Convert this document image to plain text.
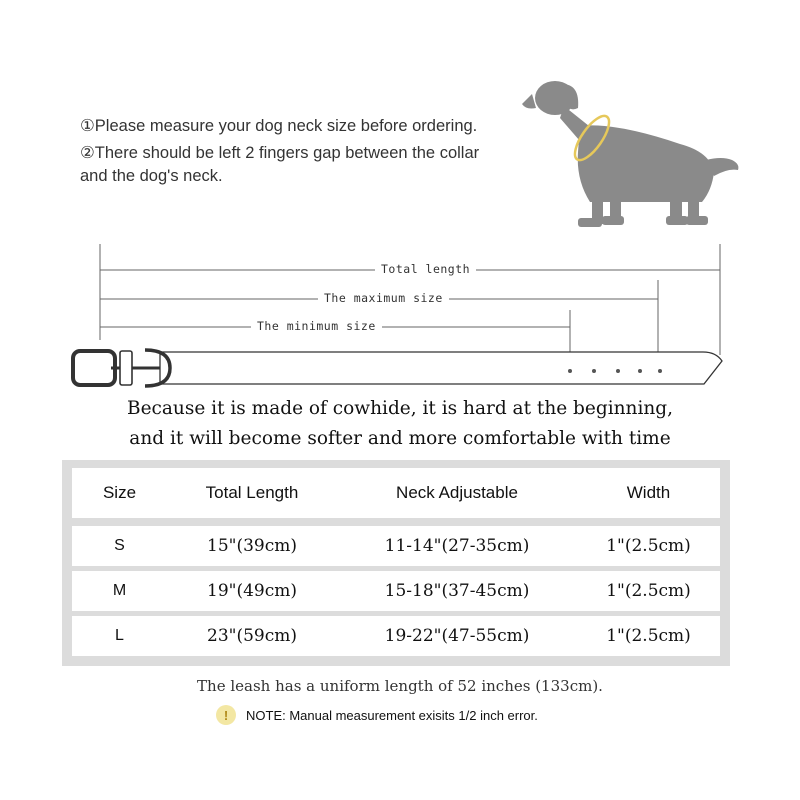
①Please measure your dog neck size before ordering.

②There should be left 2 fingers gap between the collar and the dog's neck.

Total length
The maximum size
The minimum size
Because it is made of cowhide, it is hard at the beginning,
and it will become softer and more comfortable with time
Size	Total Length	Neck Adjustable	Width
S	15"(39cm)	11-14"(27-35cm)	1"(2.5cm)
M	19"(49cm)	15-18"(37-45cm)	1"(2.5cm)
L	23"(59cm)	19-22"(47-55cm)	1"(2.5cm)
The leash has a uniform length of 52 inches (133cm).
!	NOTE: Manual measurement exisits 1/2 inch error.
